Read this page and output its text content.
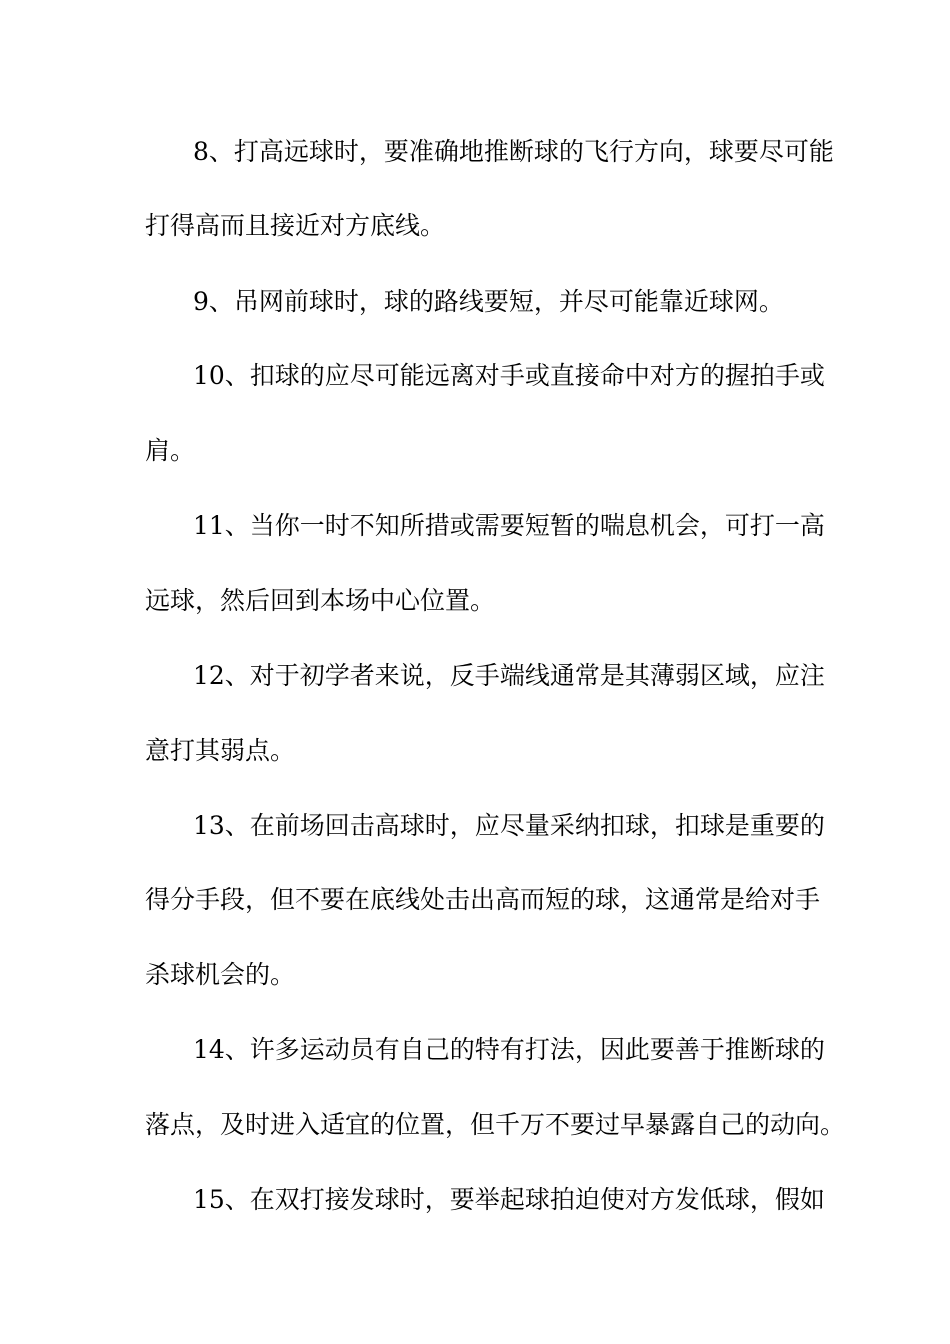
8、打高远球时，要准确地推断球的飞行方向，球要尽可能
打得高而且接近对方底线。
9、吊网前球时，球的路线要短，并尽可能靠近球网。
10、扣球的应尽可能远离对手或直接命中对方的握拍手或
肩。
11、当你一时不知所措或需要短暂的喘息机会，可打一高
远球，然后回到本场中心位置。
12、对于初学者来说，反手端线通常是其薄弱区域，应注
意打其弱点。
13、在前场回击高球时，应尽量采纳扣球，扣球是重要的
得分手段，但不要在底线处击出高而短的球，这通常是给对手
杀球机会的。
14、许多运动员有自己的特有打法，因此要善于推断球的
落点，及时进入适宜的位置，但千万不要过早暴露自己的动向。
15、在双打接发球时，要举起球拍迫使对方发低球，假如
